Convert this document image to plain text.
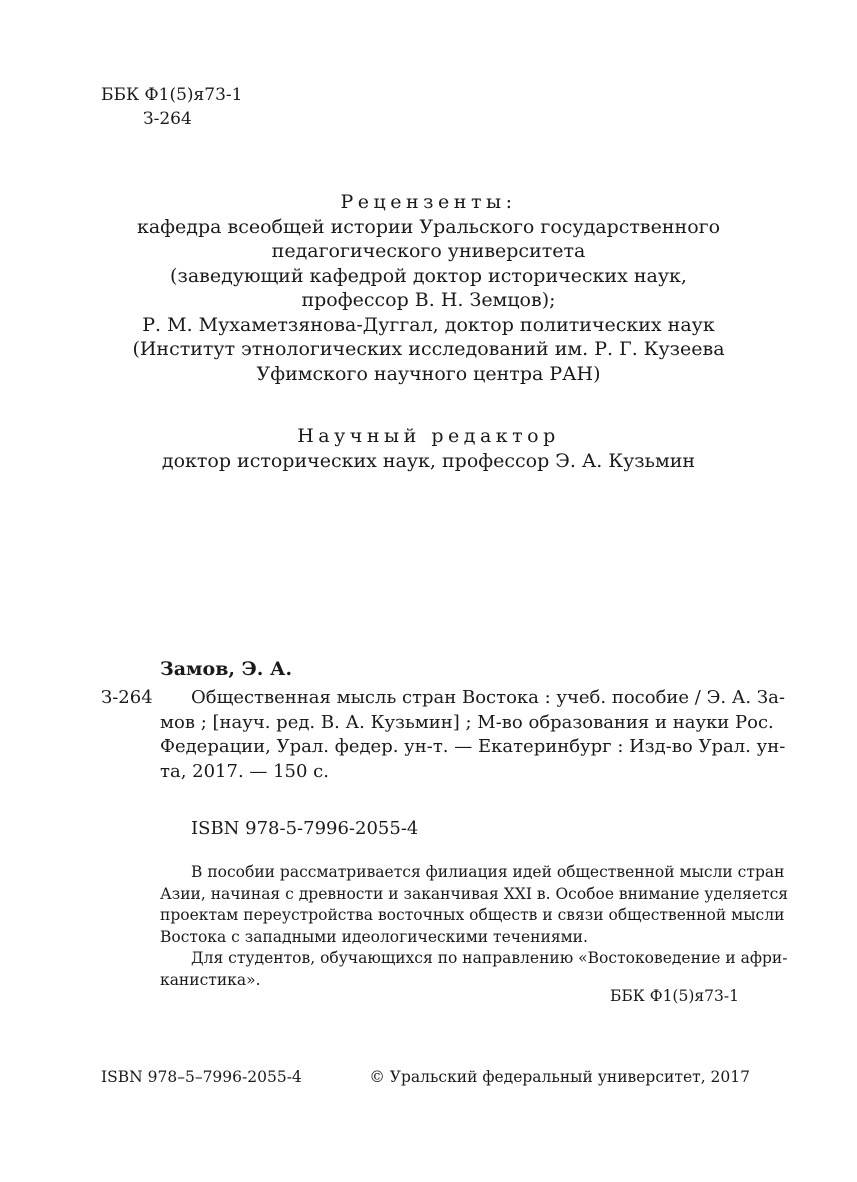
ББК Ф1(5)я73-1
З-264
Рецензенты:
кафедра всеобщей истории Уральского государственного
педагогического университета
(заведующий кафедрой доктор исторических наук,
профессор В. Н. Земцов);
Р. М. Мухаметзянова-Дуггал, доктор политических наук
(Институт этнологических исследований им. Р. Г. Кузеева
Уфимского научного центра РАН)
Научный редактор
доктор исторических наук, профессор Э. А. Кузьмин
Замов, Э. А.
З-264	Общественная мысль стран Востока : учеб. пособие / Э. А. За-
мов ; [науч. ред. В. А. Кузьмин] ; М-во образования и науки Рос.
Федерации, Урал. федер. ун-т. — Екатеринбург : Изд-во Урал. ун-
та, 2017. — 150 с.
ISBN 978-5-7996-2055-4
В пособии рассматривается филиация идей общественной мысли стран
Азии, начиная с древности и заканчивая XXI в. Особое внимание уделяется
проектам переустройства восточных обществ и связи общественной мысли
Востока с западными идеологическими течениями.
Для студентов, обучающихся по направлению «Востоковедение и афри-
канистика».
ББК Ф1(5)я73-1
ISBN 978–5–7996-2055-4	© Уральский федеральный университет, 2017
